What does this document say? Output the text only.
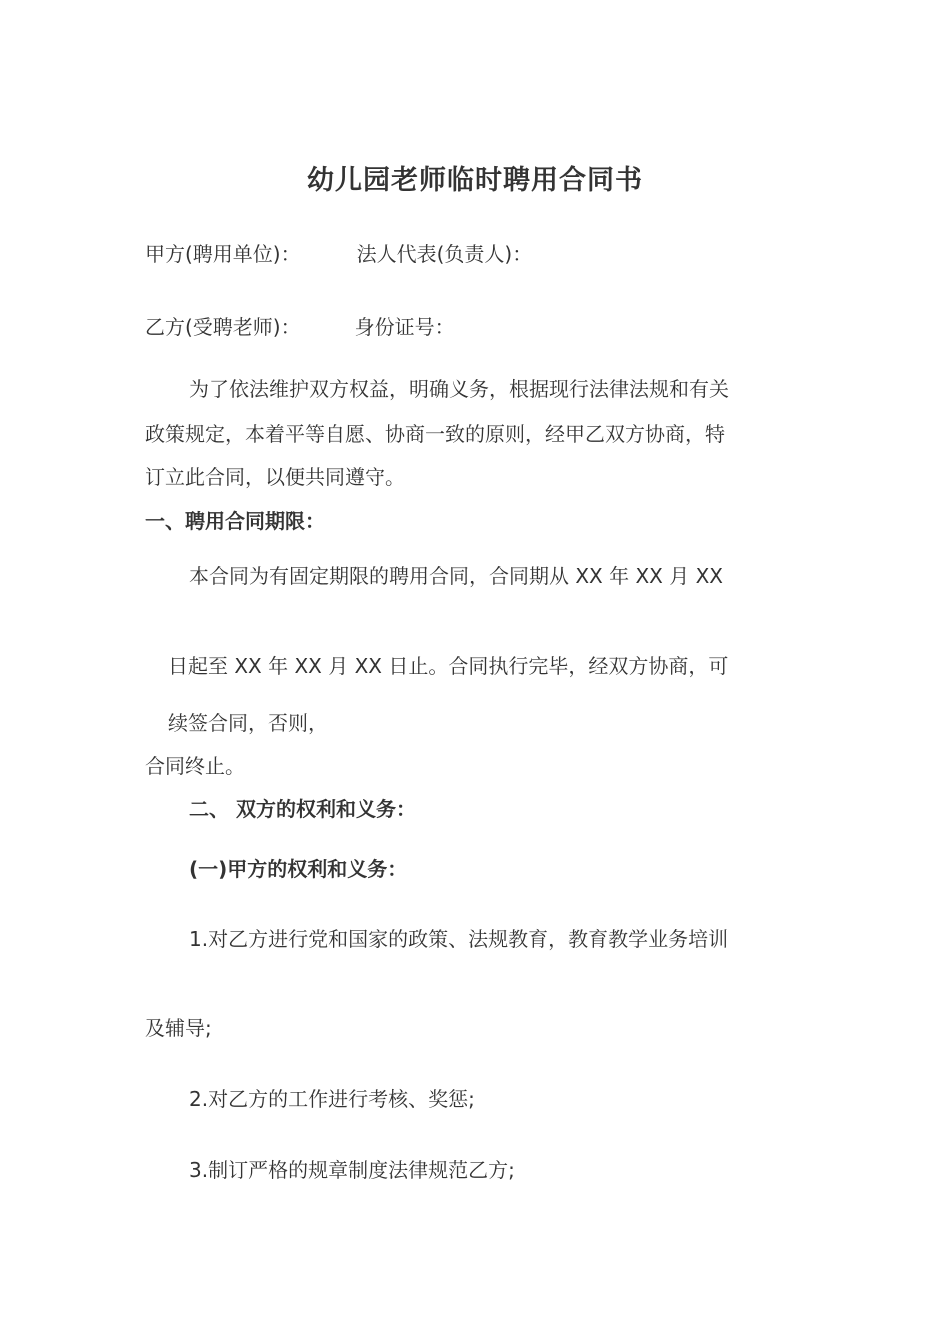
幼儿园老师临时聘用合同书
甲方(聘用单位)：	法人代表(负责人)：
乙方(受聘老师)：	身份证号：
为了依法维护双方权益，明确义务，根据现行法律法规和有关
政策规定，本着平等自愿、协商一致的原则，经甲乙双方协商，特
订立此合同，以便共同遵守。
一、聘用合同期限：
本合同为有固定期限的聘用合同，合同期从 XX 年 XX 月 XX
日起至 XX 年 XX 月 XX 日止。合同执行完毕，经双方协商，可
续签合同，否则，
合同终止。
二、 双方的权利和义务：
(一)甲方的权利和义务：
1.对乙方进行党和国家的政策、法规教育，教育教学业务培训
及辅导;
2.对乙方的工作进行考核、奖惩;
3.制订严格的规章制度法律规范乙方;
